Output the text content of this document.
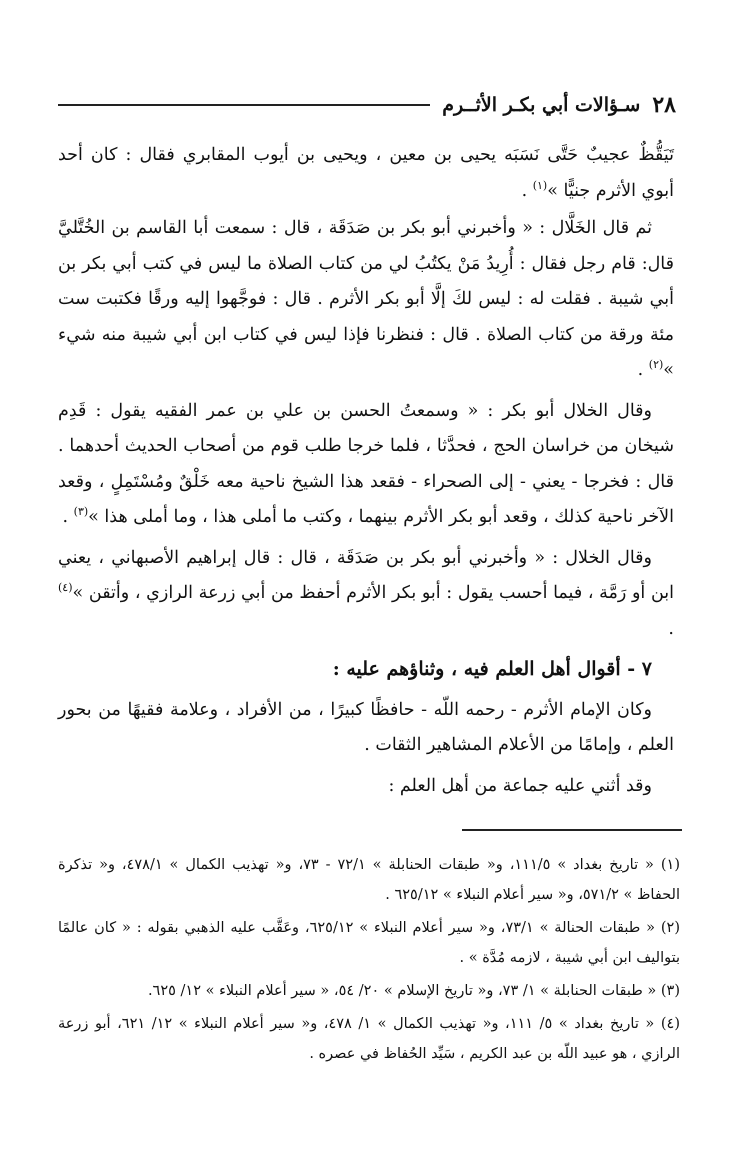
٢٨
سـؤالات أبي بكـر الأثــرم

تَيَقُّظٌ عجيبٌ حَتَّى نَسَبَه يحيى بن معين ، ويحيى بن أيوب المقابري فقال : كان أحد أبوي الأثرم جنيًّا »$^{(١)}$ .

ثم قال الخَلَّال : « وأخبرني أبو بكر بن صَدَقَة ، قال : سمعت أبا القاسم بن الخُتَّليَّ قال: قام رجل فقال : أُرِيدُ مَنْ يكتُبُ لي من كتاب الصلاة ما ليس في كتب أبي بكر بن أبي شيبة . فقلت له : ليس لكَ إلَّا أبو بكر الأثرم . قال : فوجَّهوا إليه ورقًا فكتبت ست مئة ورقة من كتاب الصلاة . قال : فنظرنا فإذا ليس في كتاب ابن أبي شيبة منه شيء »$^{(٢)}$ .

وقال الخلال أبو بكر : « وسمعتُ الحسن بن علي بن عمر الفقيه يقول : قَدِم شيخان من خراسان الحج ، فحدَّثا ، فلما خرجا طلب قوم من أصحاب الحديث أحدهما . قال : فخرجا - يعني - إلى الصحراء - فقعد هذا الشيخ ناحية معه خَلْقٌ ومُسْتَمِلٍ ، وقعد الآخر ناحية كذلك ، وقعد أبو بكر الأثرم بينهما ، وكتب ما أملى هذا ، وما أملى هذا »$^{(٣)}$ .

وقال الخلال : « وأخبرني أبو بكر بن صَدَقَة ، قال : قال إبراهيم الأصبهاني ، يعني ابن أو رَمَّة ، فيما أحسب يقول : أبو بكر الأثرم أحفظ من أبي زرعة الرازي ، وأتقن »$^{(٤)}$ .

٧ - أقوال أهل العلم فيه ، وثناؤهم عليه :

وكان الإمام الأثرم - رحمه اللّه - حافظًا كبيرًا ، من الأفراد ، وعلامة فقيهًا من بحور العلم ، وإمامًا من الأعلام المشاهير الثقات .

وقد أثني عليه جماعة من أهل العلم :

(١) « تاريخ بغداد » ١١١/٥، و« طبقات الحنابلة » ٧٢/١ - ٧٣، و« تهذيب الكمال » ٤٧٨/١، و« تذكرة الحفاظ » ٥٧١/٢، و« سير أعلام النبلاء » ٦٢٥/١٢ .

(٢) « طبقات الحنالة » ٧٣/١، و« سير أعلام النبلاء » ٦٢٥/١٢، وعَقَّب عليه الذهبي بقوله : « كان عالمًا بتواليف ابن أبي شيبة ، لازمه مُدَّة » .

(٣) « طبقات الحنابلة » ١/ ٧٣، و« تاريخ الإسلام » ٢٠/ ٥٤، « سير أعلام النبلاء » ١٢/ ٦٢٥.

(٤) « تاريخ بغداد » ٥/ ١١١، و« تهذيب الكمال » ١/ ٤٧٨، و« سير أعلام النبلاء » ١٢/ ٦٢١، أبو زرعة الرازي ، هو عبيد اللّه بن عبد الكريم ، سَيِّد الحُفاظ في عصره .
